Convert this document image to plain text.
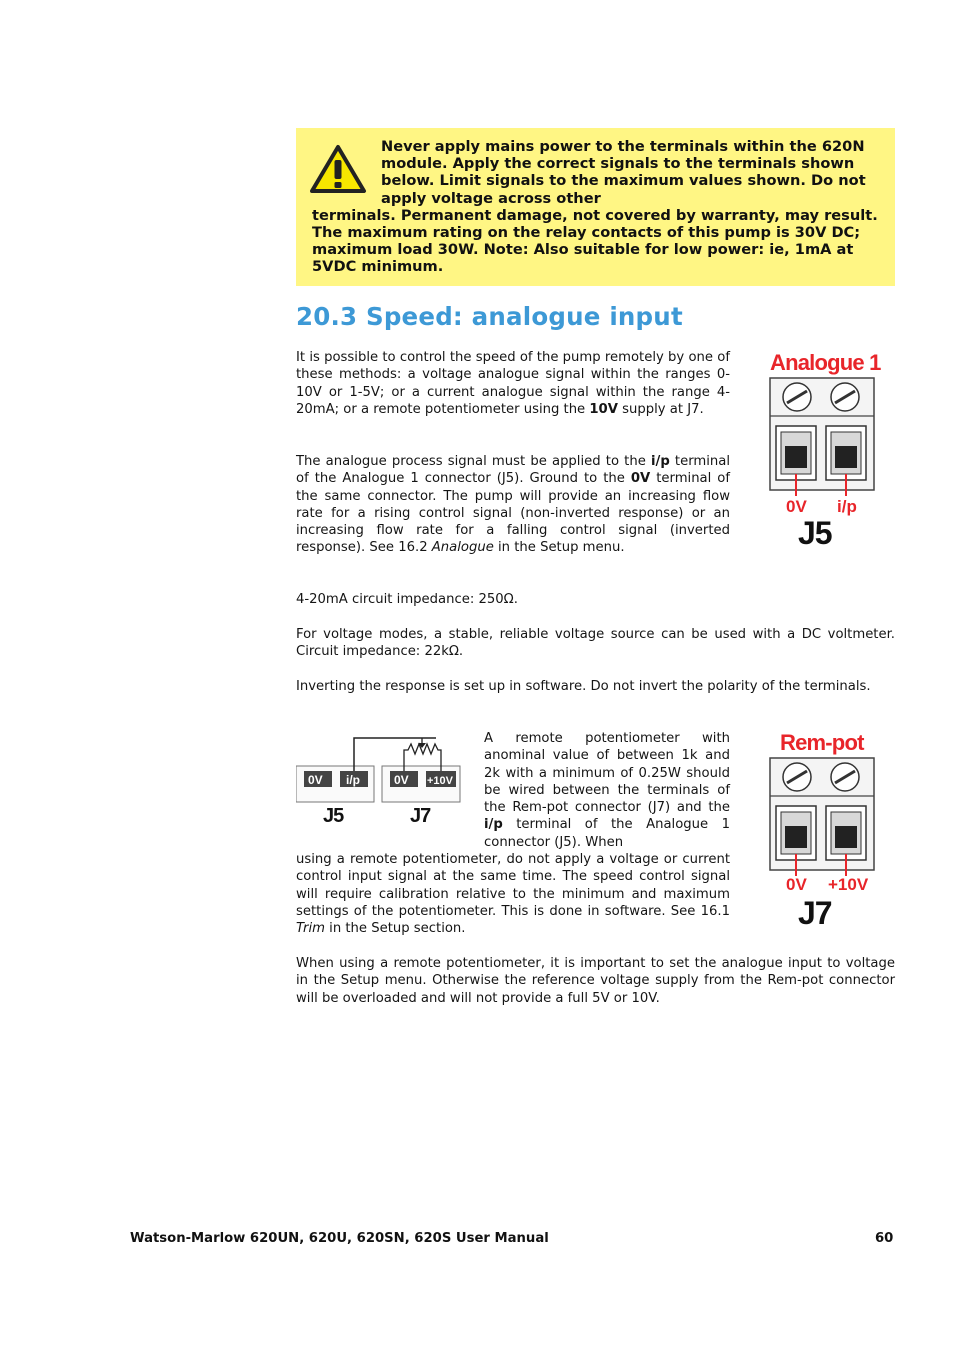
Never apply mains power to the terminals within the 620N module. Apply the correct signals to the terminals shown below. Limit signals to the maximum values shown. Do not apply voltage across other
terminals. Permanent damage, not covered by warranty, may result. The maximum rating on the relay contacts of this pump is 30V DC; maximum load 30W. Note: Also suitable for low power: ie, 1mA at 5VDC minimum.
20.3 Speed: analogue input

It is possible to control the speed of the pump remotely by one of these methods: a voltage analogue signal within the ranges 0-10V or 1-5V; or a current analogue signal within the range 4-20mA; or a remote potentiometer using the 10V supply at J7.

The analogue process signal must be applied to the i/p terminal of the Analogue 1 connector (J5). Ground to the 0V terminal of the same connector. The pump will provide an increasing flow rate for a rising control signal (non-inverted response) or an increasing flow rate for a falling control signal (inverted response). See 16.2 Analogue in the Setup menu.

4-20mA circuit impedance: 250Ω.

For voltage modes, a stable, reliable voltage source can be used with a DC voltmeter. Circuit impedance: 22kΩ.

Inverting the response is set up in software. Do not invert the polarity of the terminals.

A remote potentiometer with anominal value of between 1k and 2k with a minimum of 0.25W should be wired between the terminals of the Rem-pot connector (J7) and the i/p terminal of the Analogue 1 connector (J5). When

using a remote potentiometer, do not apply a voltage or current control input signal at the same time. The speed control signal will require calibration relative to the minimum and maximum settings of the potentiometer. This is done in software. See 16.1 Trim in the Setup section.

When using a remote potentiometer, it is important to set the analogue input to voltage in the Setup menu. Otherwise the reference voltage supply from the Rem-pot connector will be overloaded and will not provide a full 5V or 10V.

Analogue 1
0V i/p
J5
Rem-pot
0V +10V
J7
0V i/p	0V +10V
J5	J7
Watson-Marlow 620UN, 620U, 620SN, 620S User Manual	60
